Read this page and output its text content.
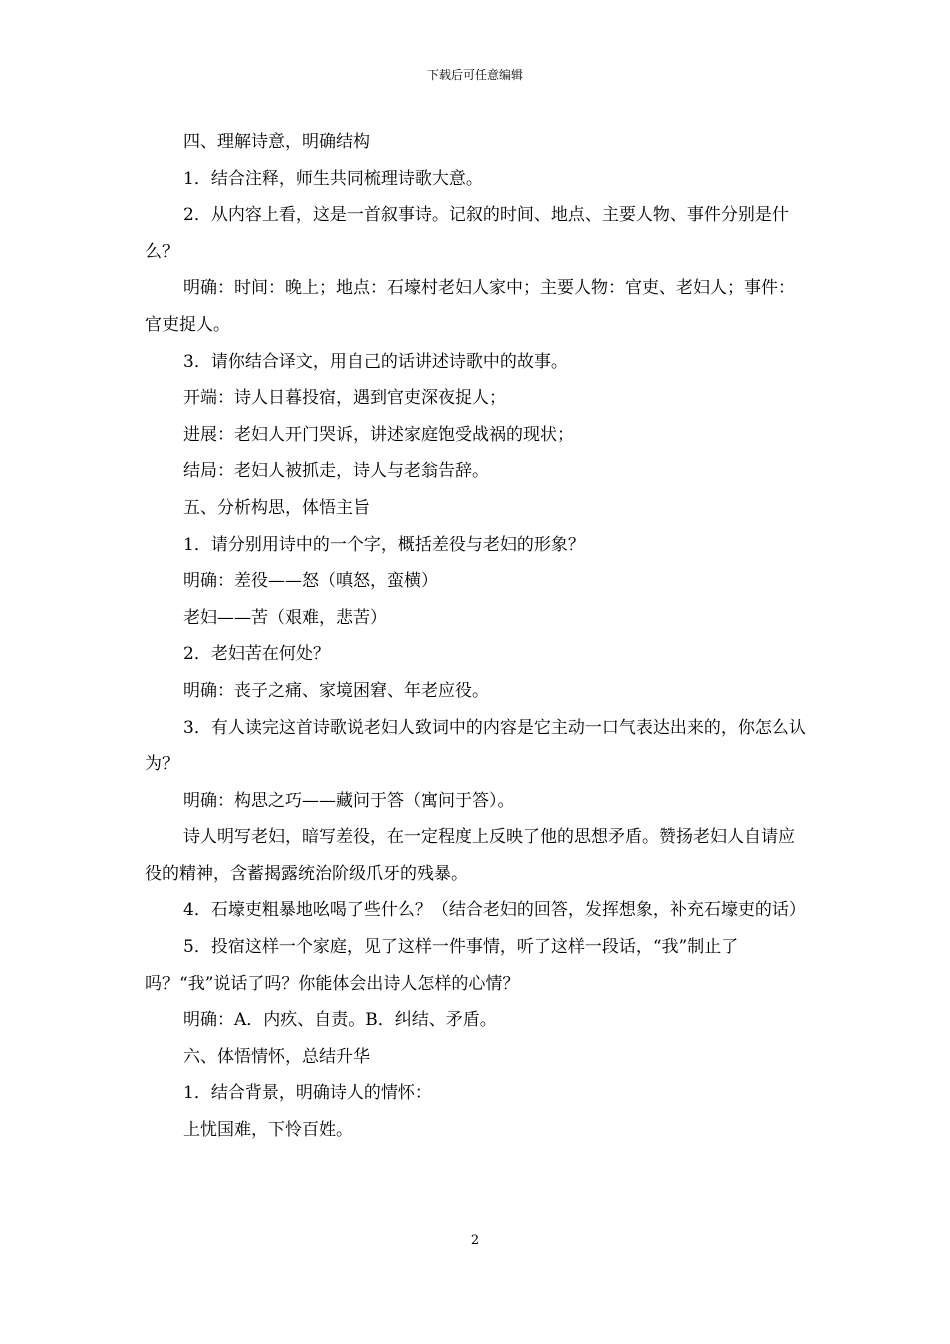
下载后可任意编辑

四、理解诗意，明确结构

1．结合注释，师生共同梳理诗歌大意。

2．从内容上看，这是一首叙事诗。记叙的时间、地点、主要人物、事件分别是什么？

明确：时间：晚上；地点：石壕村老妇人家中；主要人物：官吏、老妇人；事件：官吏捉人。

3．请你结合译文，用自己的话讲述诗歌中的故事。

开端：诗人日暮投宿，遇到官吏深夜捉人；

进展：老妇人开门哭诉，讲述家庭饱受战祸的现状；

结局：老妇人被抓走，诗人与老翁告辞。

五、分析构思，体悟主旨

1．请分别用诗中的一个字，概括差役与老妇的形象？

明确：差役——怒（嗔怒，蛮横）

老妇——苦（艰难，悲苦）

2．老妇苦在何处？

明确：丧子之痛、家境困窘、年老应役。

3．有人读完这首诗歌说老妇人致词中的内容是它主动一口气表达出来的，你怎么认为？

明确：构思之巧——藏问于答（寓问于答）。

诗人明写老妇，暗写差役，在一定程度上反映了他的思想矛盾。赞扬老妇人自请应役的精神，含蓄揭露统治阶级爪牙的残暴。

4．石壕吏粗暴地吆喝了些什么？（结合老妇的回答，发挥想象，补充石壕吏的话）

5．投宿这样一个家庭，见了这样一件事情，听了这样一段话，“我”制止了吗？“我”说话了吗？你能体会出诗人怎样的心情？

明确：A．内疚、自责。B．纠结、矛盾。

六、体悟情怀，总结升华

1．结合背景，明确诗人的情怀：

上忧国难，下怜百姓。

2
